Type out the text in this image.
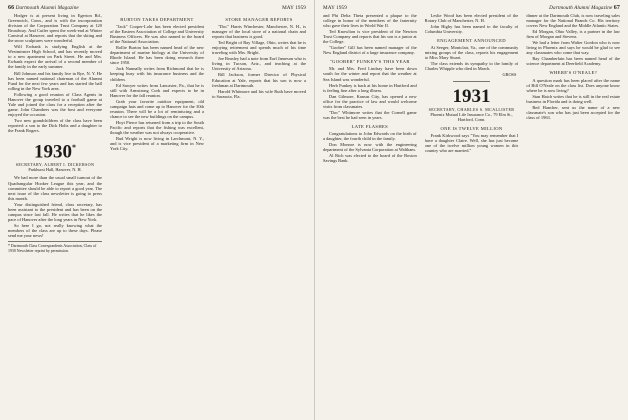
66 Dartmouth Alumni Magazine	MAY 1959

Hodger is at present living in Egerton Rd., Greenwich, Conn., and is with the incorporation division of the Corporation Trust Company at 120 Broadway. And Cutler spent the week-end at Winter Carnival at Hanover, and reports that the skiing and the snow sculptures were wonderful.

Wilf Ewbank is studying English at the Westminster High School, and has recently moved to a new apartment on Park Street. He and Mrs. Ewbank expect the arrival of a second member of the family in the early summer.

Bill Johnson and his family live in Rye, N. Y. He has been named national chairman of the Alumni Fund for the next few years and has started the ball rolling in the New York area.

Following a good reunion of Class Agents in Hanover the group traveled to a football game at Yale and joined the class for a reception after the game. John Chambers was the host and everyone enjoyed the occasion.

Two new grandchildren of the class have been reported: a son to the Dick Holts and a daughter to the Frank Rogers.

1930*
SECRETARY, ALBERT I. DICKERSON
Parkhurst Hall, Hanover, N. H.

We had more than the usual small turnout of the Quadrangular Hooker League this year, and the committee should be able to report a good year. The next issue of the class newsletter is going to press this month.

Your distinguished friend, class secretary, has been assistant to the president and has been on the campus since last fall. He writes that he likes the pace of Hanover after the long years in New York.

So here I go, not really knowing what the members of the class are up to these days. Please send me your news!

* Dartmouth Class Correspondents Association, Class of 1930 Newsletter reprint by permission.
BURTON TAKES DEPARTMENT

"Jack" Cooper-Lohr has been elected president of the Eastern Association of College and University Business Officers. He was also named to the board of the National Association.

Rollie Burton has been named head of the new department of marine biology at the University of Rhode Island. He has been doing research there since 1950.

Jack Nunnally writes from Richmond that he is keeping busy with his insurance business and the children.

Ed Sawyer writes from Lancaster, Pa., that he is still with Armstrong Cork and expects to be in Hanover for the fall reunion.

Grab your favorite outdoor equipment, old campaign hats and come up to Hanover for the 30th reunion. There will be a lot of reminiscing and a chance to see the new buildings on the campus.

Hoyt Pierce has returned from a trip to the South Pacific and reports that the fishing was excellent, though the weather was not always cooperative.

Bud Wright is now living in Larchmont, N. Y., and is vice president of a marketing firm in New York City.

STORE MANAGER REPORTS

"Doc" Harris Winchester, Manchester, N. H., is manager of the local store of a national chain and reports that business is good.

Ted Bright of Bay Village, Ohio, writes that he is enjoying retirement and spends much of his time traveling with Mrs. Bright.

Joe Beasley had a note from Earl Jameson who is living in Tucson, Ariz., and teaching at the University of Arizona.

Bill Jackson, former Director of Physical Education at Yale, reports that his son is now a freshman at Dartmouth.

Harold Whitmore and his wife Ruth have moved to Sarasota, Fla.

MAY 1959	Dartmouth Alumni Magazine 67

and Phi Delta Theta presented a plaque to the college in honor of the members of the fraternity who gave their lives in World War II.

Ted Knowlton is vice president of the Newton Trust Company and reports that his son is a junior at the College.

"Goober" Gill has been named manager of the New England district of a large insurance company.

"GOOBER" FUNKEY'S THIS YEAR

Mr. and Mrs. Fred Lindsay have been down south for the winter and report that the weather at Sea Island was wonderful.

Herb Funkey is back at his home in Hartford and is feeling fine after a long illness.

Dan Gilmore, Kansas City, has opened a new office for the practice of law and would welcome visits from classmates.

"Doc" Whitmore writes that the Cornell game was the best he had seen in years.

LATE FLASHES

Congratulations to John Edwards on the birth of a daughter, the fourth child in the family.

Don Monroe is now with the engineering department of the Sylvania Corporation at Waltham.

Al Rich was elected to the board of the Boston Savings Bank.

Leslie Wood has been elected president of the Rotary Club of Manchester, N. H.

John Higby has been named to the faculty of Columbia University.

ENGAGEMENT ANNOUNCED

At Seeger, Montclair, Va., one of the community mixing groups of the class, reports his engagement to Miss Mary Stuart.

The class extends its sympathy to the family of Charles Whipple who died in March.

GROSS
1931
SECRETARY, CHARLES S. MCALLISTER
Phoenix Mutual Life Insurance Co., 79 Elm St., Hartford, Conn.
ONE IS TWELVE MILLION

Frank Kirkwood says "You may remember that I have a daughter Claire. Well, she has just become one of the twelve million young women in this country who are married."

dinner at the Dartmouth Club, is now traveling sales manager for the National Brands Co. His territory covers New England and the Middle Atlantic States.

Ed Morgan, Ohio Valley, is a partner in the law firm of Morgan and Stevens.

We had a letter from Walter Gordon who is now living in Phoenix and says he would be glad to see any classmates who come that way.

Ray Chamberlain has been named head of the science department at Deerfield Academy.

WHERE'S O'NEALE?

A question mark has been placed after the name of Bill O'Neale on the class list. Does anyone know where he is now living?

Stan Hatch writes that he is still in the real estate business in Florida and is doing well.

Red Hancher, sent us the name of a new classmate's son who has just been accepted for the class of 1963.
